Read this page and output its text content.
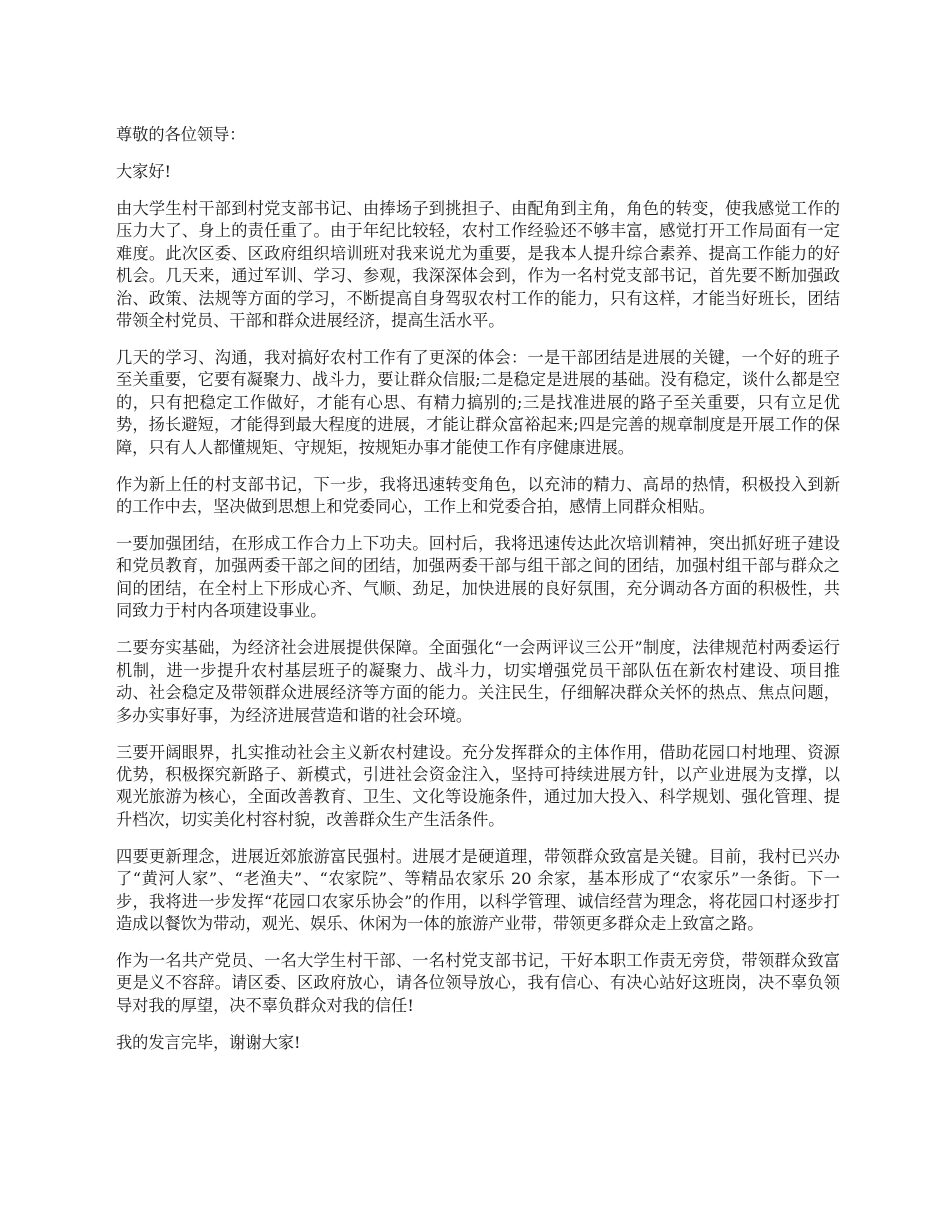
尊敬的各位领导：

大家好!

由大学生村干部到村党支部书记、由捧场子到挑担子、由配角到主角，角色的转变，使我感觉工作的压力大了、身上的责任重了。由于年纪比较轻，农村工作经验还不够丰富，感觉打开工作局面有一定难度。此次区委、区政府组织培训班对我来说尤为重要，是我本人提升综合素养、提高工作能力的好机会。几天来，通过军训、学习、参观，我深深体会到，作为一名村党支部书记，首先要不断加强政治、政策、法规等方面的学习，不断提高自身驾驭农村工作的能力，只有这样，才能当好班长，团结带领全村党员、干部和群众进展经济，提高生活水平。

几天的学习、沟通，我对搞好农村工作有了更深的体会：一是干部团结是进展的关键，一个好的班子至关重要，它要有凝聚力、战斗力，要让群众信服;二是稳定是进展的基础。没有稳定，谈什么都是空的，只有把稳定工作做好，才能有心思、有精力搞别的;三是找准进展的路子至关重要，只有立足优势，扬长避短，才能得到最大程度的进展，才能让群众富裕起来;四是完善的规章制度是开展工作的保障，只有人人都懂规矩、守规矩，按规矩办事才能使工作有序健康进展。

作为新上任的村支部书记，下一步，我将迅速转变角色，以充沛的精力、高昂的热情，积极投入到新的工作中去，坚决做到思想上和党委同心，工作上和党委合拍，感情上同群众相贴。

一要加强团结，在形成工作合力上下功夫。回村后，我将迅速传达此次培训精神，突出抓好班子建设和党员教育，加强两委干部之间的团结，加强两委干部与组干部之间的团结，加强村组干部与群众之间的团结，在全村上下形成心齐、气顺、劲足，加快进展的良好氛围，充分调动各方面的积极性，共同致力于村内各项建设事业。

二要夯实基础，为经济社会进展提供保障。全面强化“一会两评议三公开”制度，法律规范村两委运行机制，进一步提升农村基层班子的凝聚力、战斗力，切实增强党员干部队伍在新农村建设、项目推动、社会稳定及带领群众进展经济等方面的能力。关注民生，仔细解决群众关怀的热点、焦点问题，多办实事好事，为经济进展营造和谐的社会环境。

三要开阔眼界，扎实推动社会主义新农村建设。充分发挥群众的主体作用，借助花园口村地理、资源优势，积极探究新路子、新模式，引进社会资金注入，坚持可持续进展方针，以产业进展为支撑，以观光旅游为核心，全面改善教育、卫生、文化等设施条件，通过加大投入、科学规划、强化管理、提升档次，切实美化村容村貌，改善群众生产生活条件。

四要更新理念，进展近郊旅游富民强村。进展才是硬道理，带领群众致富是关键。目前，我村已兴办了“黄河人家”、“老渔夫”、“农家院”、等精品农家乐 20 余家，基本形成了“农家乐”一条街。下一步，我将进一步发挥“花园口农家乐协会”的作用，以科学管理、诚信经营为理念，将花园口村逐步打造成以餐饮为带动，观光、娱乐、休闲为一体的旅游产业带，带领更多群众走上致富之路。

作为一名共产党员、一名大学生村干部、一名村党支部书记，干好本职工作责无旁贷，带领群众致富更是义不容辞。请区委、区政府放心，请各位领导放心，我有信心、有决心站好这班岗，决不辜负领导对我的厚望，决不辜负群众对我的信任!

我的发言完毕，谢谢大家!
